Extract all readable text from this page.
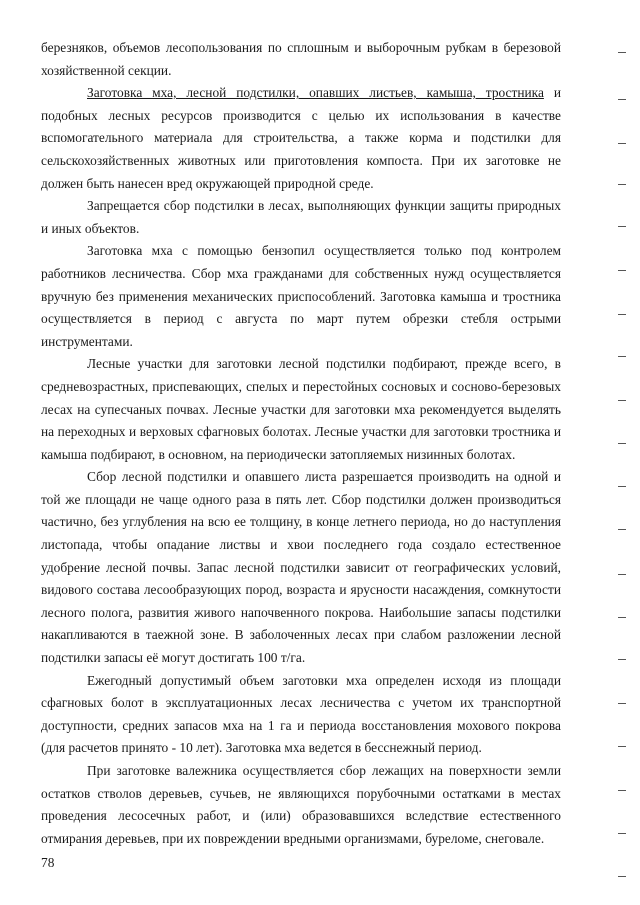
березняков, объемов лесопользования по сплошным и выборочным рубкам в березовой хозяйственной секции.

Заготовка мха, лесной подстилки, опавших листьев, камыша, тростника и подобных лесных ресурсов производится с целью их использования в качестве вспомогательного материала для строительства, а также корма и подстилки для сельскохозяйственных животных или приготовления компоста. При их заготовке не должен быть нанесен вред окружающей природной среде.

Запрещается сбор подстилки в лесах, выполняющих функции защиты природных и иных объектов.

Заготовка мха с помощью бензопил осуществляется только под контролем работников лесничества. Сбор мха гражданами для собственных нужд осуществляется вручную без применения механических приспособлений. Заготовка камыша и тростника осуществляется в период с августа по март путем обрезки стебля острыми инструментами.

Лесные участки для заготовки лесной подстилки подбирают, прежде всего, в средневозрастных, приспевающих, спелых и перестойных сосновых и сосново-березовых лесах на супесчаных почвах. Лесные участки для заготовки мха рекомендуется выделять на переходных и верховых сфагновых болотах. Лесные участки для заготовки тростника и камыша подбирают, в основном, на периодически затопляемых низинных болотах.

Сбор лесной подстилки и опавшего листа разрешается производить на одной и той же площади не чаще одного раза в пять лет. Сбор подстилки должен производиться частично, без углубления на всю ее толщину, в конце летнего периода, но до наступления листопада, чтобы опадание листвы и хвои последнего года создало естественное удобрение лесной почвы. Запас лесной подстилки зависит от географических условий, видового состава лесообразующих пород, возраста и ярусности насаждения, сомкнутости лесного полога, развития живого напочвенного покрова. Наибольшие запасы подстилки накапливаются в таежной зоне. В заболоченных лесах при слабом разложении лесной подстилки запасы её могут достигать 100 т/га.

Ежегодный допустимый объем заготовки мха определен исходя из площади сфагновых болот в эксплуатационных лесах лесничества с учетом их транспортной доступности, средних запасов мха на 1 га и периода восстановления мохового покрова (для расчетов принято - 10 лет). Заготовка мха ведется в бесснежный период.

При заготовке валежника осуществляется сбор лежащих на поверхности земли остатков стволов деревьев, сучьев, не являющихся порубочными остатками в местах проведения лесосечных работ, и (или) образовавшихся вследствие естественного отмирания деревьев, при их повреждении вредными организмами, буреломе, снеговале.

78
